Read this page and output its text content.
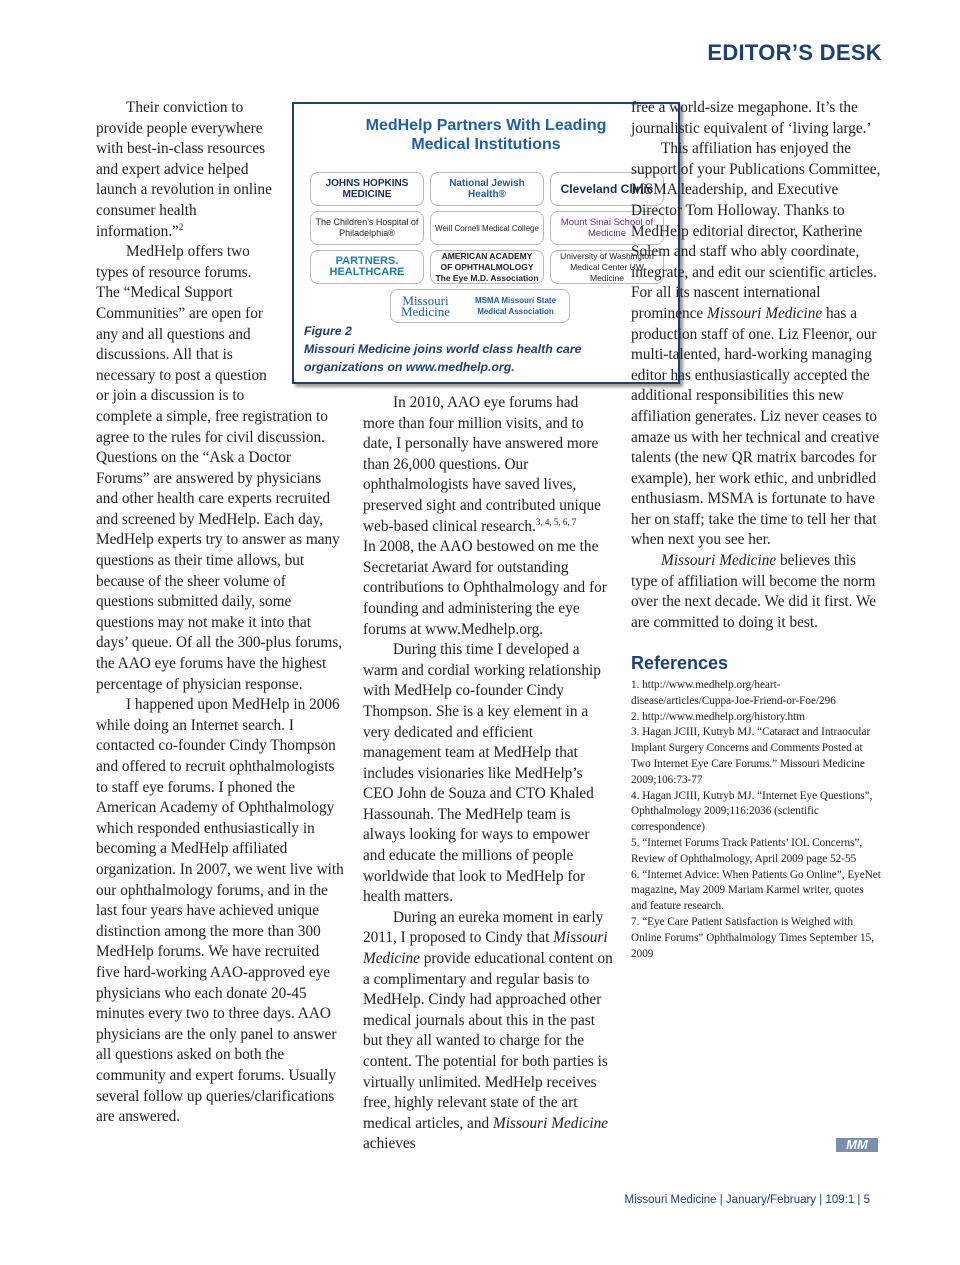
EDITOR’S DESK

Their conviction to provide people everywhere with best-in-class resources and expert advice helped launch a revolution in online consumer health information.”$^2$

MedHelp offers two types of resource forums. The “Medical Support Communities” are open for any and all questions and discussions. All that is necessary to post a question or join a discussion is to

complete a simple, free registration to agree to the rules for civil discussion. Questions on the “Ask a Doctor Forums” are answered by physicians and other health care experts recruited and screened by MedHelp. Each day, MedHelp experts try to answer as many questions as their time allows, but because of the sheer volume of questions submitted daily, some questions may not make it into that days’ queue. Of all the 300-plus forums, the AAO eye forums have the highest percentage of physician response.

I happened upon MedHelp in 2006 while doing an Internet search. I contacted co-founder Cindy Thompson and offered to recruit ophthalmologists to staff eye forums. I phoned the American Academy of Ophthalmology which responded enthusiastically in becoming a MedHelp affiliated organization. In 2007, we went live with our ophthalmology forums, and in the last four years have achieved unique distinction among the more than 300 MedHelp forums. We have recruited five hard-working AAO-approved eye physicians who each donate 20-45 minutes every two to three days. AAO physicians are the only panel to answer all questions asked on both the community and expert forums. Usually several follow up queries/clarifications are answered.

MedHelp Partners With Leading
Medical Institutions
JOHNS HOPKINS MEDICINE
National Jewish Health®	Cleveland Clinic
The Children’s Hospital of Philadelphia®	Weill Cornell Medical College	Mount Sinai School of Medicine
PARTNERS. HEALTHCARE
AMERICAN ACADEMY OF OPHTHALMOLOGY The Eye M.D. Association
University of Washington Medical Center UW Medicine
Missouri Medicine
MSMA Missouri State Medical Association
Figure 2
Missouri Medicine joins world class health care
organizations on www.medhelp.org.

In 2010, AAO eye forums had more than four million visits, and to date, I personally have answered more than 26,000 questions. Our ophthalmologists have saved lives, preserved sight and contributed unique web-based clinical research.$^{3, 4, 5, 6, 7}$

In 2008, the AAO bestowed on me the Secretariat Award for outstanding contributions to Ophthalmology and for founding and administering the eye forums at www.Medhelp.org.

During this time I developed a warm and cordial working relationship with MedHelp co-founder Cindy Thompson. She is a key element in a very dedicated and efficient management team at MedHelp that includes visionaries like MedHelp’s CEO John de Souza and CTO Khaled Hassounah. The MedHelp team is always looking for ways to empower and educate the millions of people worldwide that look to MedHelp for health matters.

During an eureka moment in early 2011, I proposed to Cindy that Missouri Medicine provide educational content on a complimentary and regular basis to MedHelp. Cindy had approached other medical journals about this in the past but they all wanted to charge for the content. The potential for both parties is virtually unlimited. MedHelp receives free, highly relevant state of the art medical articles, and Missouri Medicine achieves

free a world-size megaphone. It’s the journalistic equivalent of ‘living large.’

This affiliation has enjoyed the support of your Publications Committee, MSMA leadership, and Executive Director Tom Holloway. Thanks to MedHelp editorial director, Katherine Solem and staff who ably coordinate, integrate, and edit our scientific articles. For all its nascent international

prominence Missouri Medicine has a production staff of one. Liz Fleenor, our multi-talented, hard-working managing editor has enthusiastically accepted the additional responsibilities this new affiliation generates. Liz never ceases to amaze us with her technical and creative talents (the new QR matrix barcodes for example), her work ethic, and unbridled enthusiasm. MSMA is fortunate to have her on staff; take the time to tell her that when next you see her.

Missouri Medicine believes this type of affiliation will become the norm over the next decade. We did it first. We are committed to doing it best.

References
1. http://www.medhelp.org/heart-disease/articles/Cuppa-Joe-Friend-or-Foe/296
2. http://www.medhelp.org/history.htm
3. Hagan JCIII, Kutryb MJ. “Cataract and Intraocular Implant Surgery Concerns and Comments Posted at Two Internet Eye Care Forums.” Missouri Medicine 2009;106:73-77
4. Hagan JCIII, Kutryb MJ. “Internet Eye Questions”, Ophthalmology 2009;116:2036 (scientific correspondence)
5. “Internet Forums Track Patients’ IOL Concerns”, Review of Ophthalmology, April 2009 page 52-55
6. “Internet Advice: When Patients Go Online”, EyeNet magazine, May 2009 Mariam Karmel writer, quotes and feature research.
7. “Eye Care Patient Satisfaction is Weighed with Online Forums” Ophthalmology Times September 15, 2009
MM
Missouri Medicine | January/February | 109:1 | 5
